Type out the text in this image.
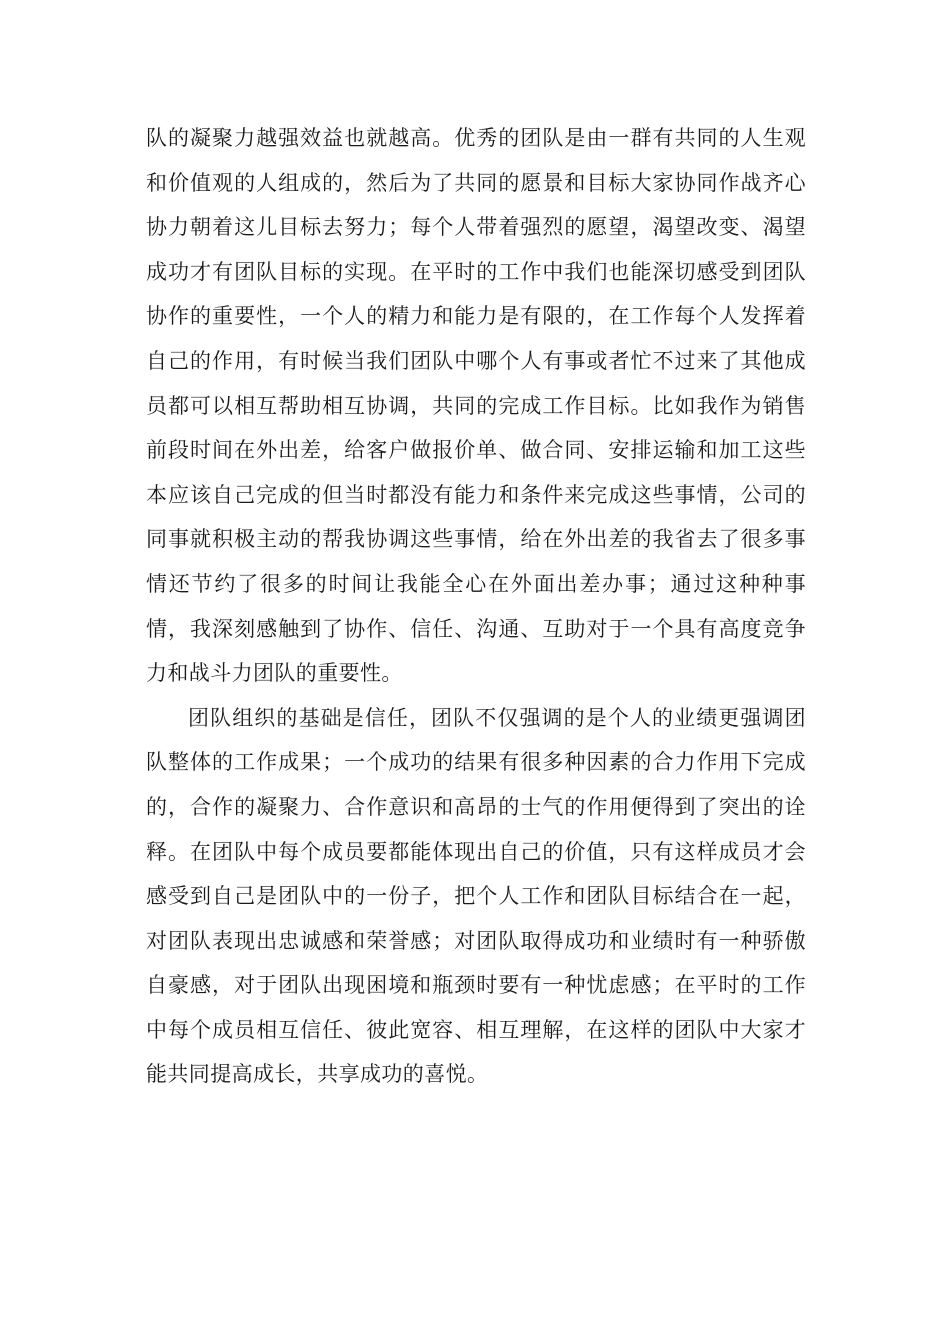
队的凝聚力越强效益也就越高。优秀的团队是由一群有共同的人生观
和价值观的人组成的，然后为了共同的愿景和目标大家协同作战齐心
协力朝着这儿目标去努力；每个人带着强烈的愿望，渴望改变、渴望
成功才有团队目标的实现。在平时的工作中我们也能深切感受到团队
协作的重要性，一个人的精力和能力是有限的，在工作每个人发挥着
自己的作用，有时候当我们团队中哪个人有事或者忙不过来了其他成
员都可以相互帮助相互协调，共同的完成工作目标。比如我作为销售
前段时间在外出差，给客户做报价单、做合同、安排运输和加工这些
本应该自己完成的但当时都没有能力和条件来完成这些事情，公司的
同事就积极主动的帮我协调这些事情，给在外出差的我省去了很多事
情还节约了很多的时间让我能全心在外面出差办事；通过这种种事
情，我深刻感触到了协作、信任、沟通、互助对于一个具有高度竞争
力和战斗力团队的重要性。
团队组织的基础是信任，团队不仅强调的是个人的业绩更强调团
队整体的工作成果；一个成功的结果有很多种因素的合力作用下完成
的，合作的凝聚力、合作意识和高昂的士气的作用便得到了突出的诠
释。在团队中每个成员要都能体现出自己的价值，只有这样成员才会
感受到自己是团队中的一份子，把个人工作和团队目标结合在一起，
对团队表现出忠诚感和荣誉感；对团队取得成功和业绩时有一种骄傲
自豪感，对于团队出现困境和瓶颈时要有一种忧虑感；在平时的工作
中每个成员相互信任、彼此宽容、相互理解，在这样的团队中大家才
能共同提高成长，共享成功的喜悦。
